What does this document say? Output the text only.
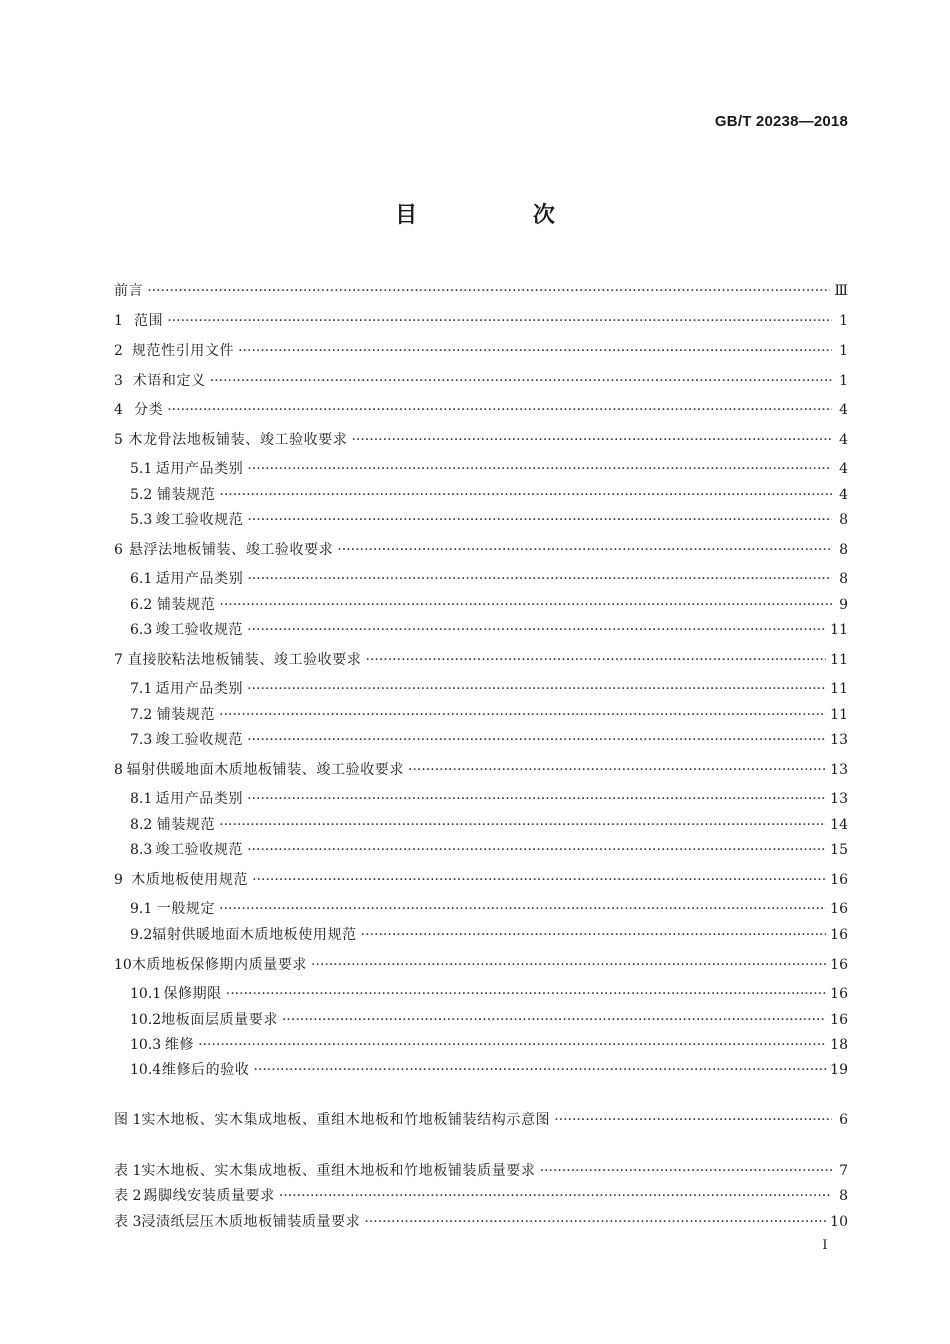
GB/T 20238—2018
目 次
前言 ·····	Ⅲ
1 范围 ·····	1
2 规范性引用文件 ·····	1
3 术语和定义 ·····	1
4 分类 ·····	4
5 木龙骨法地板铺装、竣工验收要求 ·····	4
5.1 适用产品类别 ·····	4
5.2 铺装规范 ·····	4
5.3 竣工验收规范 ·····	8
6 悬浮法地板铺装、竣工验收要求 ·····	8
6.1 适用产品类别 ·····	8
6.2 铺装规范 ·····	9
6.3 竣工验收规范 ·····	11
7 直接胶粘法地板铺装、竣工验收要求 ·····	11
7.1 适用产品类别 ·····	11
7.2 铺装规范 ·····	11
7.3 竣工验收规范 ·····	13
8 辐射供暖地面木质地板铺装、竣工验收要求 ·····	13
8.1 适用产品类别 ·····	13
8.2 铺装规范 ·····	14
8.3 竣工验收规范 ·····	15
9 木质地板使用规范 ·····	16
9.1 一般规定 ·····	16
9.2 辐射供暖地面木质地板使用规范 ·····	16
10 木质地板保修期内质量要求 ·····	16
10.1 保修期限 ·····	16
10.2 地板面层质量要求 ·····	16
10.3 维修 ·····	18
10.4 维修后的验收 ·····	19
图 1 实木地板、实木集成地板、重组木地板和竹地板铺装结构示意图 ·····	6
表 1 实木地板、实木集成地板、重组木地板和竹地板铺装质量要求 ·····	7
表 2 踢脚线安装质量要求 ·····	8
表 3 浸渍纸层压木质地板铺装质量要求 ·····	10
I
